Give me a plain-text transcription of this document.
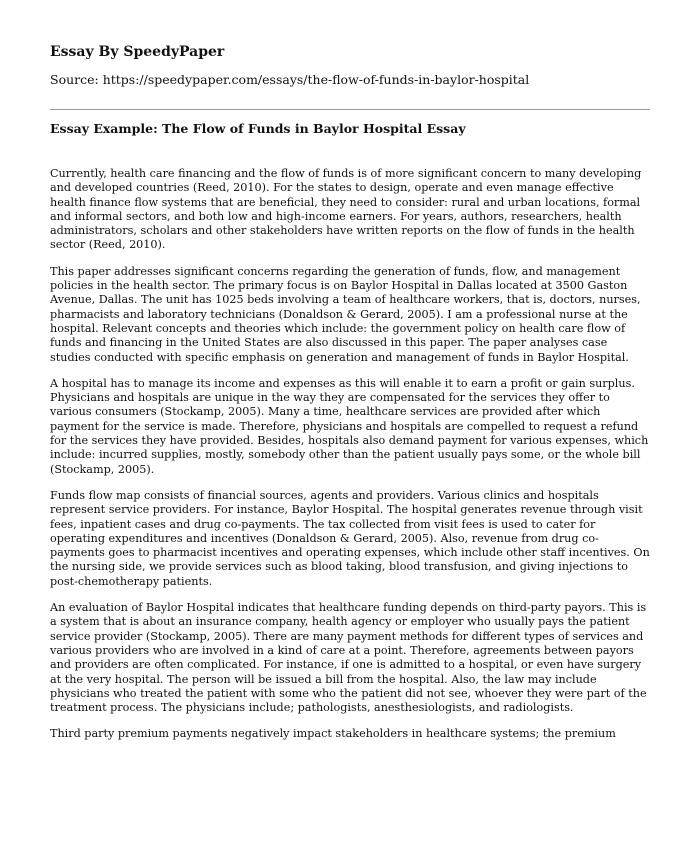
Essay By SpeedyPaper

Source: https://speedypaper.com/essays/the-flow-of-funds-in-baylor-hospital

Essay Example: The Flow of Funds in Baylor Hospital Essay

Currently, health care financing and the flow of funds is of more significant concern to many developing and developed countries (Reed, 2010). For the states to design, operate and even manage effective health finance flow systems that are beneficial, they need to consider: rural and urban locations, formal and informal sectors, and both low and high-income earners. For years, authors, researchers, health administrators, scholars and other stakeholders have written reports on the flow of funds in the health sector (Reed, 2010).

This paper addresses significant concerns regarding the generation of funds, flow, and management policies in the health sector. The primary focus is on Baylor Hospital in Dallas located at 3500 Gaston Avenue, Dallas. The unit has 1025 beds involving a team of healthcare workers, that is, doctors, nurses, pharmacists and laboratory technicians (Donaldson & Gerard, 2005). I am a professional nurse at the hospital. Relevant concepts and theories which include: the government policy on health care flow of funds and financing in the United States are also discussed in this paper. The paper analyses case studies conducted with specific emphasis on generation and management of funds in Baylor Hospital.

A hospital has to manage its income and expenses as this will enable it to earn a profit or gain surplus. Physicians and hospitals are unique in the way they are compensated for the services they offer to various consumers (Stockamp, 2005). Many a time, healthcare services are provided after which payment for the service is made. Therefore, physicians and hospitals are compelled to request a refund for the services they have provided. Besides, hospitals also demand payment for various expenses, which include: incurred supplies, mostly, somebody other than the patient usually pays some, or the whole bill (Stockamp, 2005).

Funds flow map consists of financial sources, agents and providers. Various clinics and hospitals represent service providers. For instance, Baylor Hospital. The hospital generates revenue through visit fees, inpatient cases and drug co-payments. The tax collected from visit fees is used to cater for operating expenditures and incentives (Donaldson & Gerard, 2005). Also, revenue from drug co-payments goes to pharmacist incentives and operating expenses, which include other staff incentives. On the nursing side, we provide services such as blood taking, blood transfusion, and giving injections to post-chemotherapy patients.

An evaluation of Baylor Hospital indicates that healthcare funding depends on third-party payors. This is a system that is about an insurance company, health agency or employer who usually pays the patient service provider (Stockamp, 2005). There are many payment methods for different types of services and various providers who are involved in a kind of care at a point. Therefore, agreements between payors and providers are often complicated. For instance, if one is admitted to a hospital, or even have surgery at the very hospital. The person will be issued a bill from the hospital. Also, the law may include physicians who treated the patient with some who the patient did not see, whoever they were part of the treatment process. The physicians include; pathologists, anesthesiologists, and radiologists.

Third party premium payments negatively impact stakeholders in healthcare systems; the premium
